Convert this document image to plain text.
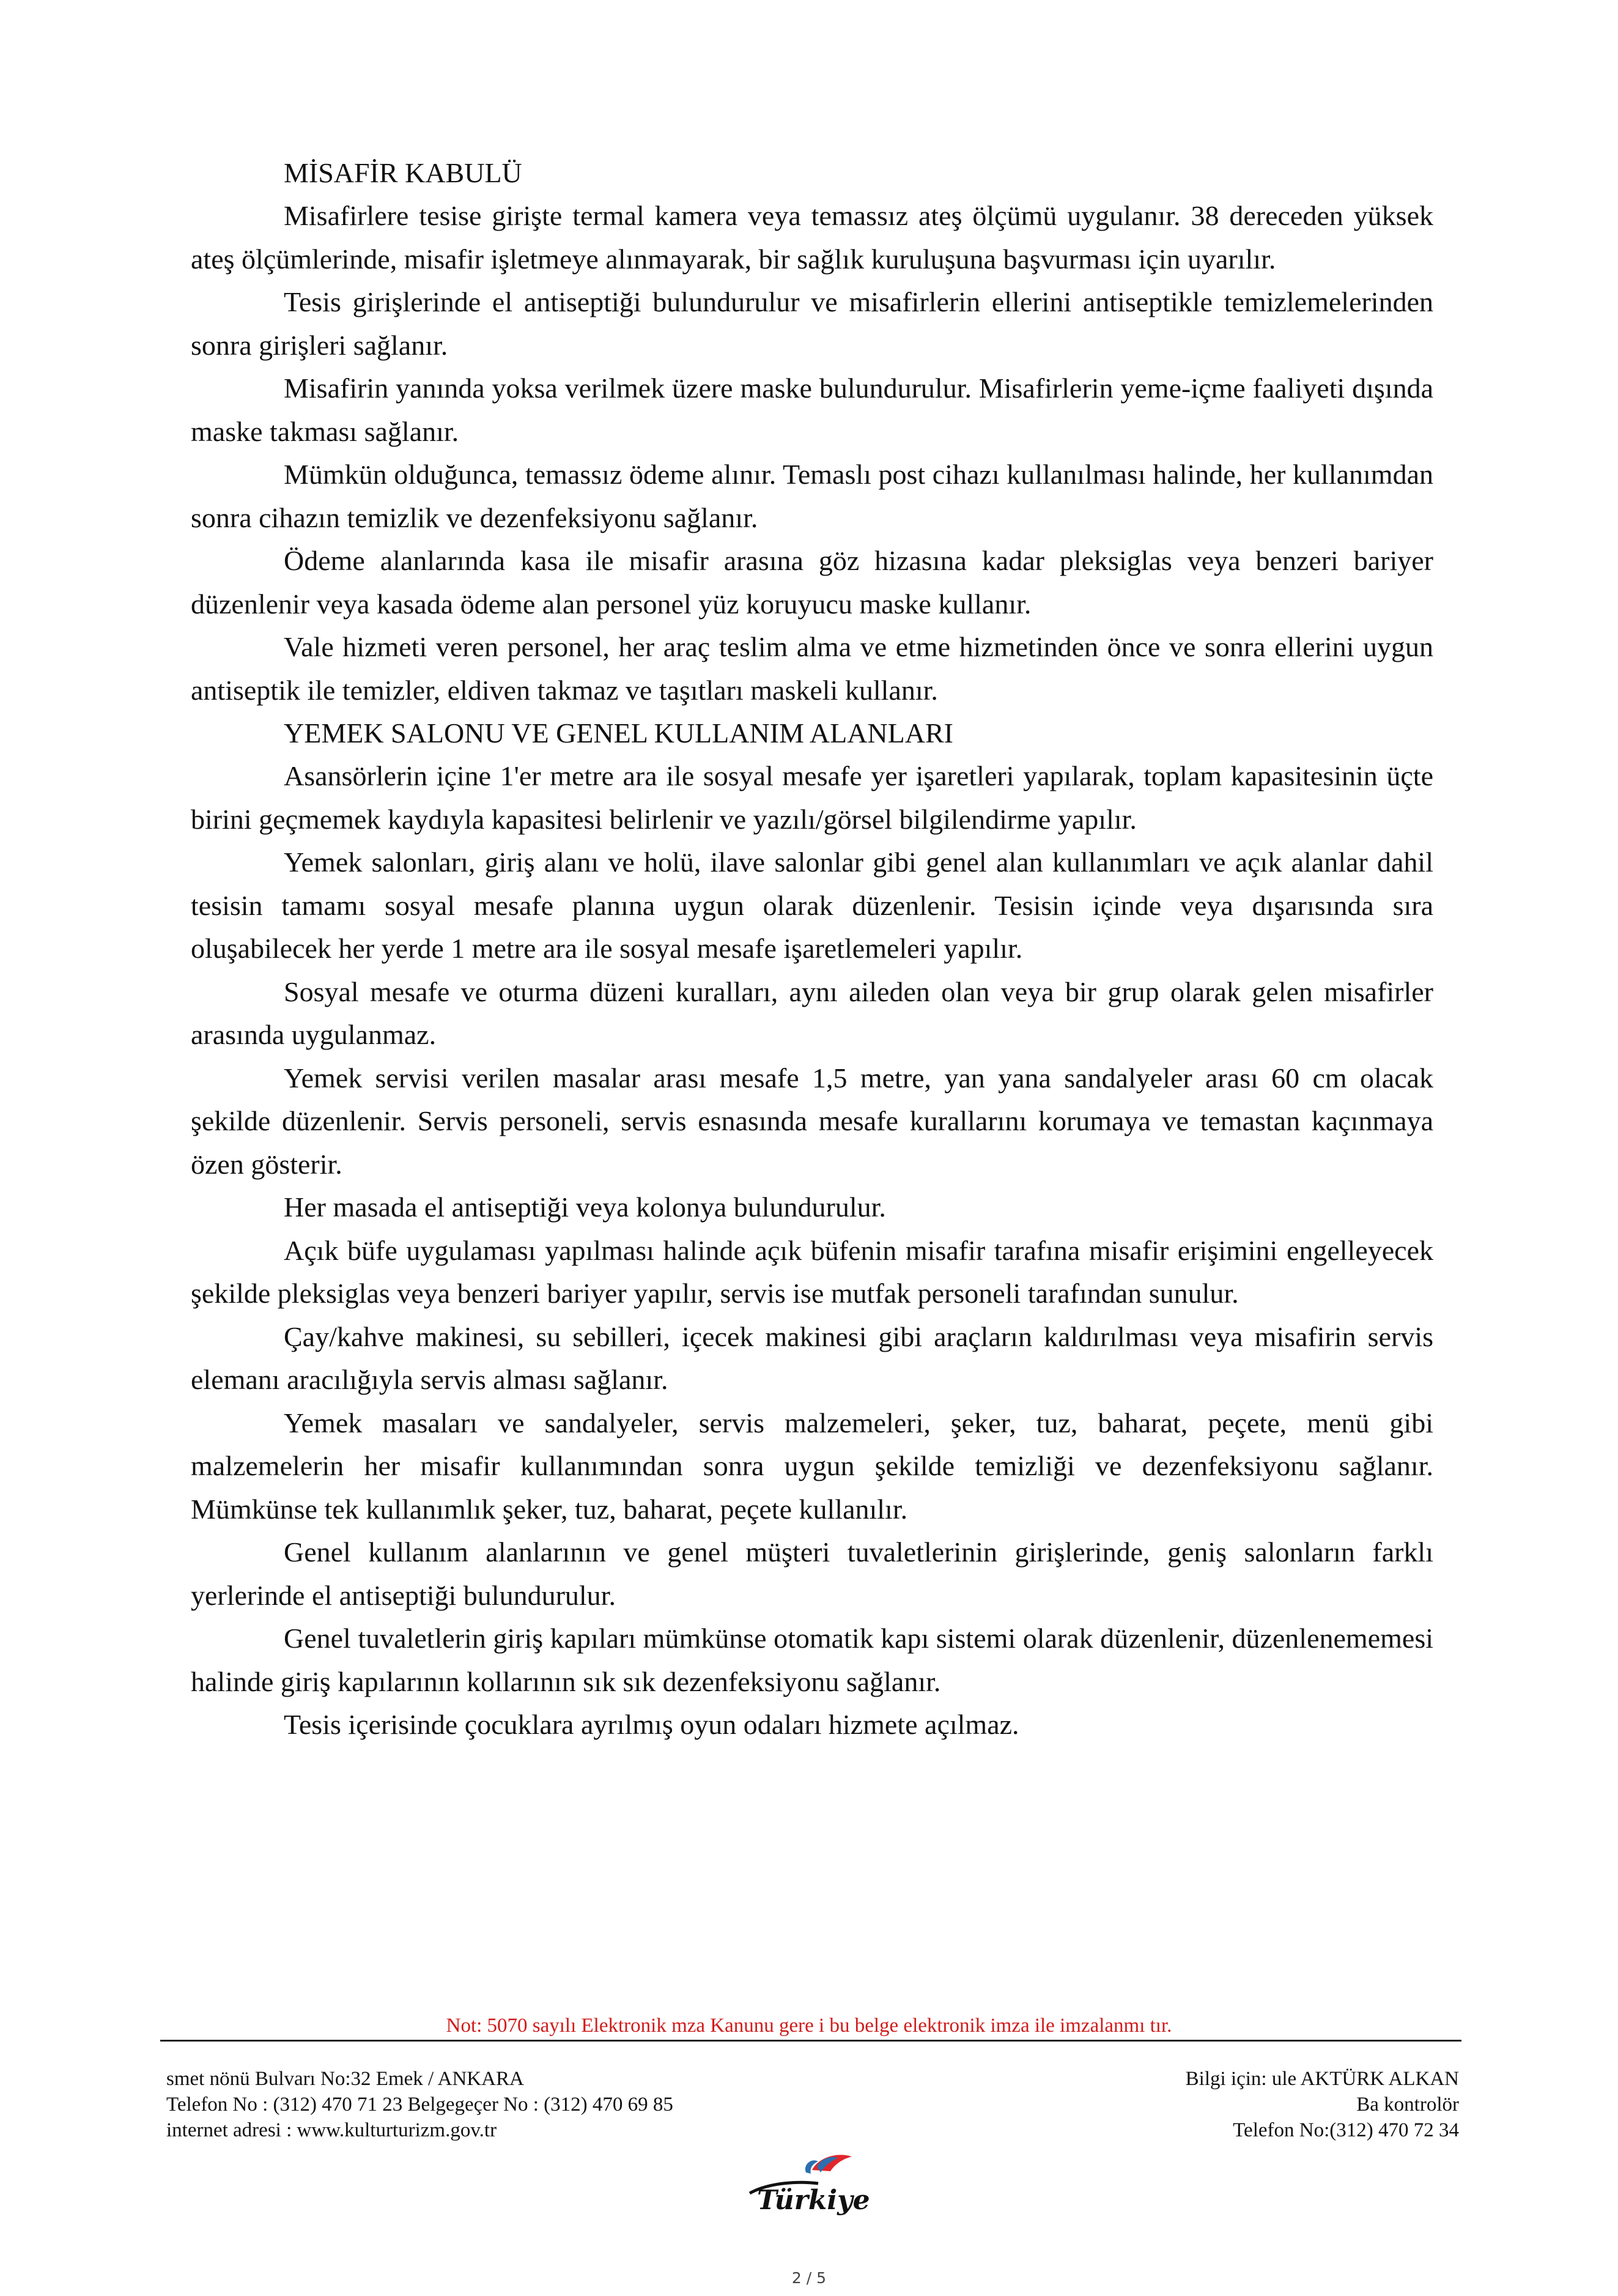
MİSAFİR KABULÜ

Misafirlere tesise girişte termal kamera veya temassız ateş ölçümü uygulanır. 38 dereceden yüksek ateş ölçümlerinde, misafir işletmeye alınmayarak, bir sağlık kuruluşuna başvurması için uyarılır.

Tesis girişlerinde el antiseptiği bulundurulur ve misafirlerin ellerini antiseptikle temizlemelerinden sonra girişleri sağlanır.

Misafirin yanında yoksa verilmek üzere maske bulundurulur. Misafirlerin yeme-içme faaliyeti dışında maske takması sağlanır.

Mümkün olduğunca, temassız ödeme alınır. Temaslı post cihazı kullanılması halinde, her kullanımdan sonra cihazın temizlik ve dezenfeksiyonu sağlanır.

Ödeme alanlarında kasa ile misafir arasına göz hizasına kadar pleksiglas veya benzeri bariyer düzenlenir veya kasada ödeme alan personel yüz koruyucu maske kullanır.

Vale hizmeti veren personel, her araç teslim alma ve etme hizmetinden önce ve sonra ellerini uygun antiseptik ile temizler, eldiven takmaz ve taşıtları maskeli kullanır.

YEMEK SALONU VE GENEL KULLANIM ALANLARI

Asansörlerin içine 1'er metre ara ile sosyal mesafe yer işaretleri yapılarak, toplam kapasitesinin üçte birini geçmemek kaydıyla kapasitesi belirlenir ve yazılı/görsel bilgilendirme yapılır.

Yemek salonları, giriş alanı ve holü, ilave salonlar gibi genel alan kullanımları ve açık alanlar dahil tesisin tamamı sosyal mesafe planına uygun olarak düzenlenir. Tesisin içinde veya dışarısında sıra oluşabilecek her yerde 1 metre ara ile sosyal mesafe işaretlemeleri yapılır.

Sosyal mesafe ve oturma düzeni kuralları, aynı aileden olan veya bir grup olarak gelen misafirler arasında uygulanmaz.

Yemek servisi verilen masalar arası mesafe 1,5 metre, yan yana sandalyeler arası 60 cm olacak şekilde düzenlenir. Servis personeli, servis esnasında mesafe kurallarını korumaya ve temastan kaçınmaya özen gösterir.

Her masada el antiseptiği veya kolonya bulundurulur.

Açık büfe uygulaması yapılması halinde açık büfenin misafir tarafına misafir erişimini engelleyecek şekilde pleksiglas veya benzeri bariyer yapılır, servis ise mutfak personeli tarafından sunulur.

Çay/kahve makinesi, su sebilleri, içecek makinesi gibi araçların kaldırılması veya misafirin servis elemanı aracılığıyla servis alması sağlanır.

Yemek masaları ve sandalyeler, servis malzemeleri, şeker, tuz, baharat, peçete, menü gibi malzemelerin her misafir kullanımından sonra uygun şekilde temizliği ve dezenfeksiyonu sağlanır. Mümkünse tek kullanımlık şeker, tuz, baharat, peçete kullanılır.

Genel kullanım alanlarının ve genel müşteri tuvaletlerinin girişlerinde, geniş salonların farklı yerlerinde el antiseptiği bulundurulur.

Genel tuvaletlerin giriş kapıları mümkünse otomatik kapı sistemi olarak düzenlenir, düzenlenememesi halinde giriş kapılarının kollarının sık sık dezenfeksiyonu sağlanır.

Tesis içerisinde çocuklara ayrılmış oyun odaları hizmete açılmaz.

Not: 5070 sayılı Elektronik mza Kanunu gere i bu belge elektronik imza ile imzalanmı tır.
smet nönü Bulvarı No:32 Emek / ANKARA
Telefon No : (312) 470 71 23 Belgegeçer No : (312) 470 69 85
internet adresi : www.kulturturizm.gov.tr
Bilgi için: ule AKTÜRK ALKAN
Ba kontrolör
Telefon No:(312) 470 72 34
Türkiye
2 / 5
